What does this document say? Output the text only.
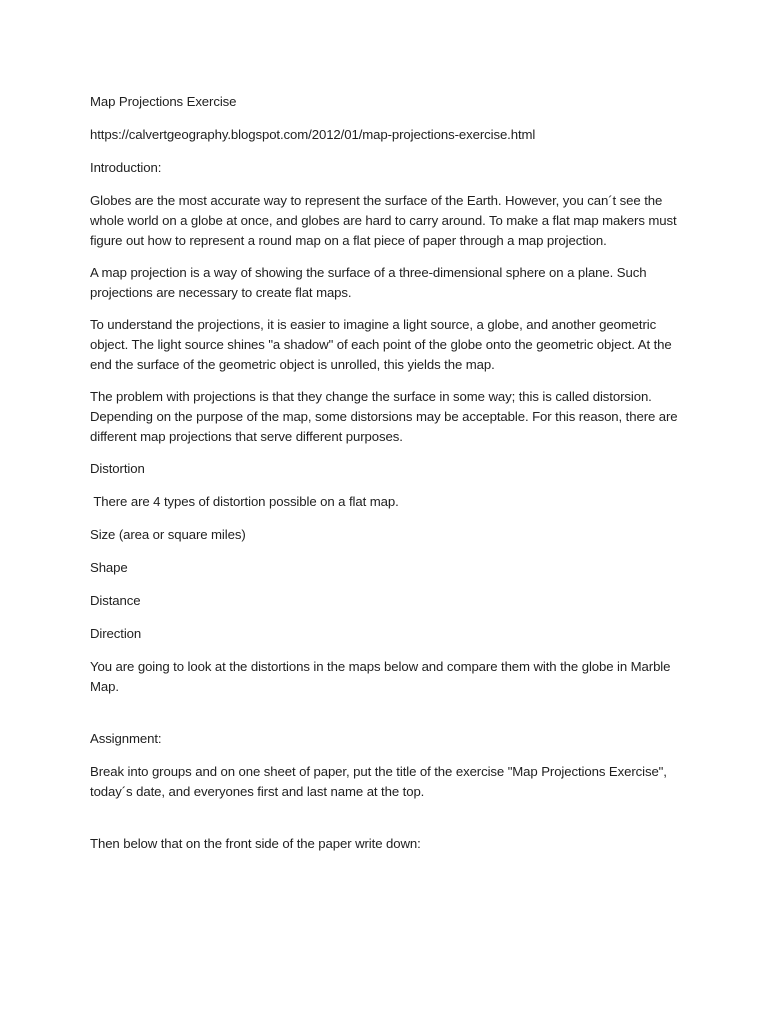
Map Projections Exercise

https://calvertgeography.blogspot.com/2012/01/map-projections-exercise.html

Introduction:

Globes are the most accurate way to represent the surface of the Earth. However, you can´t see the whole world on a globe at once, and globes are hard to carry around. To make a flat map makers must figure out how to represent a round map on a flat piece of paper through a map projection.

A map projection is a way of showing the surface of a three-dimensional sphere on a plane. Such projections are necessary to create flat maps.

To understand the projections, it is easier to imagine a light source, a globe, and another geometric object. The light source shines "a shadow" of each point of the globe onto the geometric object. At the end the surface of the geometric object is unrolled, this yields the map.

The problem with projections is that they change the surface in some way; this is called distorsion. Depending on the purpose of the map, some distorsions may be acceptable. For this reason, there are different map projections that serve different purposes.

Distortion

There are 4 types of distortion possible on a flat map.

Size (area or square miles)

Shape

Distance

Direction

You are going to look at the distortions in the maps below and compare them with the globe in Marble Map.

Assignment:

Break into groups and on one sheet of paper, put the title of the exercise "Map Projections Exercise", today´s date, and everyones first and last name at the top.

Then below that on the front side of the paper write down:
